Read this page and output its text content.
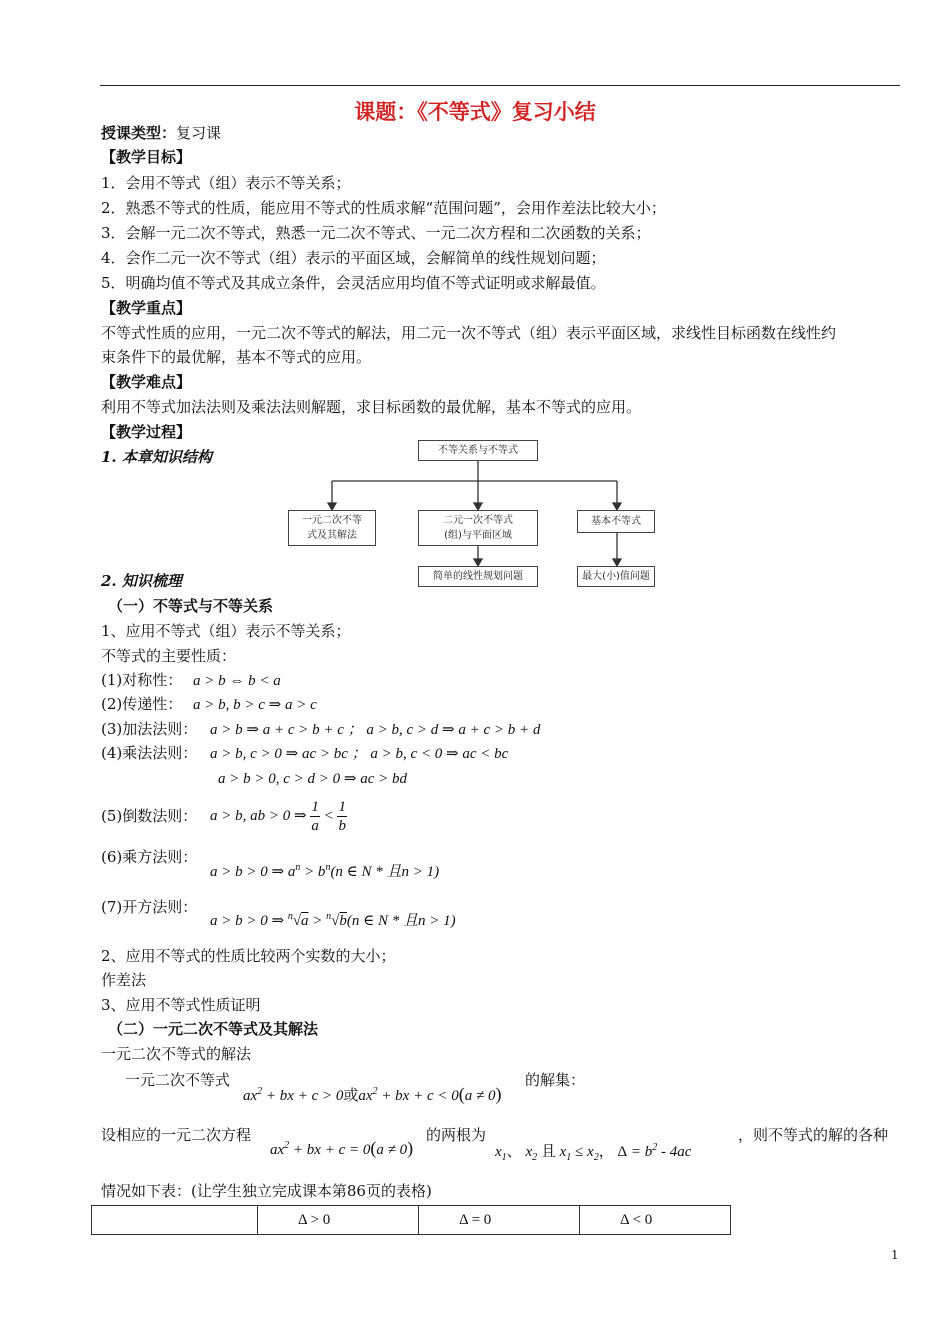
课题：《不等式》复习小结
授课类型：复习课
【教学目标】
1．会用不等式（组）表示不等关系；
2．熟悉不等式的性质，能应用不等式的性质求解“范围问题”，会用作差法比较大小；
3．会解一元二次不等式，熟悉一元二次不等式、一元二次方程和二次函数的关系；
4．会作二元一次不等式（组）表示的平面区域，会解简单的线性规划问题；
5．明确均值不等式及其成立条件，会灵活应用均值不等式证明或求解最值。
【教学重点】
不等式性质的应用，一元二次不等式的解法，用二元一次不等式（组）表示平面区域，求线性目标函数在线性约
束条件下的最优解，基本不等式的应用。
【教学难点】
利用不等式加法法则及乘法法则解题，求目标函数的最优解，基本不等式的应用。
【教学过程】
1. 本章知识结构	不等关系与不等式
一元二次不等
式及其解法
二元一次不等式
(组)与平面区域
基本不等式
简单的线性规划问题	最大(小)值问题
2. 知识梳理
（一）不等式与不等关系
1、应用不等式（组）表示不等关系；
不等式的主要性质：
(1)对称性： a > b ⇔ b < a
(2)传递性： a > b, b > c ⇒ a > c
(3)加法法则： a > b ⇒ a + c > b + c ； a > b, c > d ⇒ a + c > b + d
(4)乘法法则： a > b, c > 0 ⇒ ac > bc ； a > b, c < 0 ⇒ ac < bc
a > b > 0, c > d > 0 ⇒ ac > bd
(5)倒数法则： a > b, ab > 0 ⇒ $\frac{1}{a} < \frac{1}{b}$
(6)乘方法则：
a > b > 0 ⇒ $a^n > b^n(n$ ∈ N * 且n > 1)
(7)开方法则：
a > b > 0 ⇒ $^n$√a > $^n$√b(n ∈ N * 且n > 1)
2、应用不等式的性质比较两个实数的大小；
作差法
3、应用不等式性质证明
（二）一元二次不等式及其解法
一元二次不等式的解法
一元二次不等式
$ax^2$ + bx + c > 0或$ax^2$ + bx + c < 0(a ≠ 0)
的解集：
设相应的一元二次方程
$ax^2$ + bx + c = 0(a ≠ 0)
的两根为
$x_1$、 $x_2$ 且 $x_1 \le x_2$， $\Delta = b^2 - 4ac$
，则不等式的解的各种
情况如下表：(让学生独立完成课本第86页的表格)
	Δ > 0	Δ = 0	Δ < 0
1
